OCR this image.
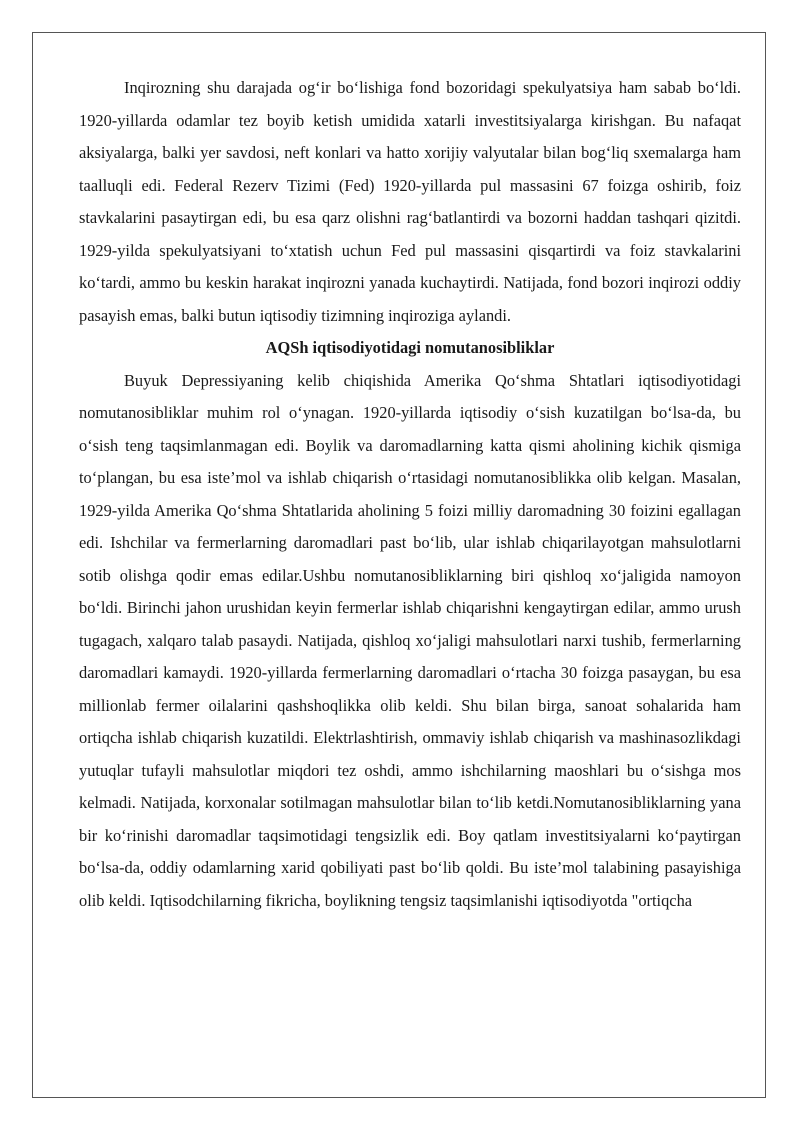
Inqirozning shu darajada og‘ir bo‘lishiga fond bozoridagi spekulyatsiya ham sabab bo‘ldi. 1920-yillarda odamlar tez boyib ketish umidida xatarli investitsiyalarga kirishgan. Bu nafaqat aksiyalarga, balki yer savdosi, neft konlari va hatto xorijiy valyutalar bilan bog‘liq sxemalarga ham taalluqli edi. Federal Rezerv Tizimi (Fed) 1920-yillarda pul massasini 67 foizga oshirib, foiz stavkalarini pasaytirgan edi, bu esa qarz olishni rag‘batlantirdi va bozorni haddan tashqari qizitdi. 1929-yilda spekulyatsiyani to‘xtatish uchun Fed pul massasini qisqartirdi va foiz stavkalarini ko‘tardi, ammo bu keskin harakat inqirozni yanada kuchaytirdi. Natijada, fond bozori inqirozi oddiy pasayish emas, balki butun iqtisodiy tizimning inqiroziga aylandi.

AQSh iqtisodiyotidagi nomutanosibliklar

Buyuk Depressiyaning kelib chiqishida Amerika Qo‘shma Shtatlari iqtisodiyotidagi nomutanosibliklar muhim rol o‘ynagan. 1920-yillarda iqtisodiy o‘sish kuzatilgan bo‘lsa-da, bu o‘sish teng taqsimlanmagan edi. Boylik va daromadlarning katta qismi aholining kichik qismiga to‘plangan, bu esa iste’mol va ishlab chiqarish o‘rtasidagi nomutanosiblikka olib kelgan. Masalan, 1929-yilda Amerika Qo‘shma Shtatlarida aholining 5 foizi milliy daromadning 30 foizini egallagan edi. Ishchilar va fermerlarning daromadlari past bo‘lib, ular ishlab chiqarilayotgan mahsulotlarni sotib olishga qodir emas edilar.Ushbu nomutanosibliklarning biri qishloq xo‘jaligida namoyon bo‘ldi. Birinchi jahon urushidan keyin fermerlar ishlab chiqarishni kengaytirgan edilar, ammo urush tugagach, xalqaro talab pasaydi. Natijada, qishloq xo‘jaligi mahsulotlari narxi tushib, fermerlarning daromadlari kamaydi. 1920-yillarda fermerlarning daromadlari o‘rtacha 30 foizga pasaygan, bu esa millionlab fermer oilalarini qashshoqlikka olib keldi. Shu bilan birga, sanoat sohalarida ham ortiqcha ishlab chiqarish kuzatildi. Elektrlashtirish, ommaviy ishlab chiqarish va mashinasozlikdagi yutuqlar tufayli mahsulotlar miqdori tez oshdi, ammo ishchilarning maoshlari bu o‘sishga mos kelmadi. Natijada, korxonalar sotilmagan mahsulotlar bilan to‘lib ketdi.Nomutanosibliklarning yana bir ko‘rinishi daromadlar taqsimotidagi tengsizlik edi. Boy qatlam investitsiyalarni ko‘paytirgan bo‘lsa-da, oddiy odamlarning xarid qobiliyati past bo‘lib qoldi. Bu iste’mol talabining pasayishiga olib keldi. Iqtisodchilarning fikricha, boylikning tengsiz taqsimlanishi iqtisodiyotda "ortiqcha
